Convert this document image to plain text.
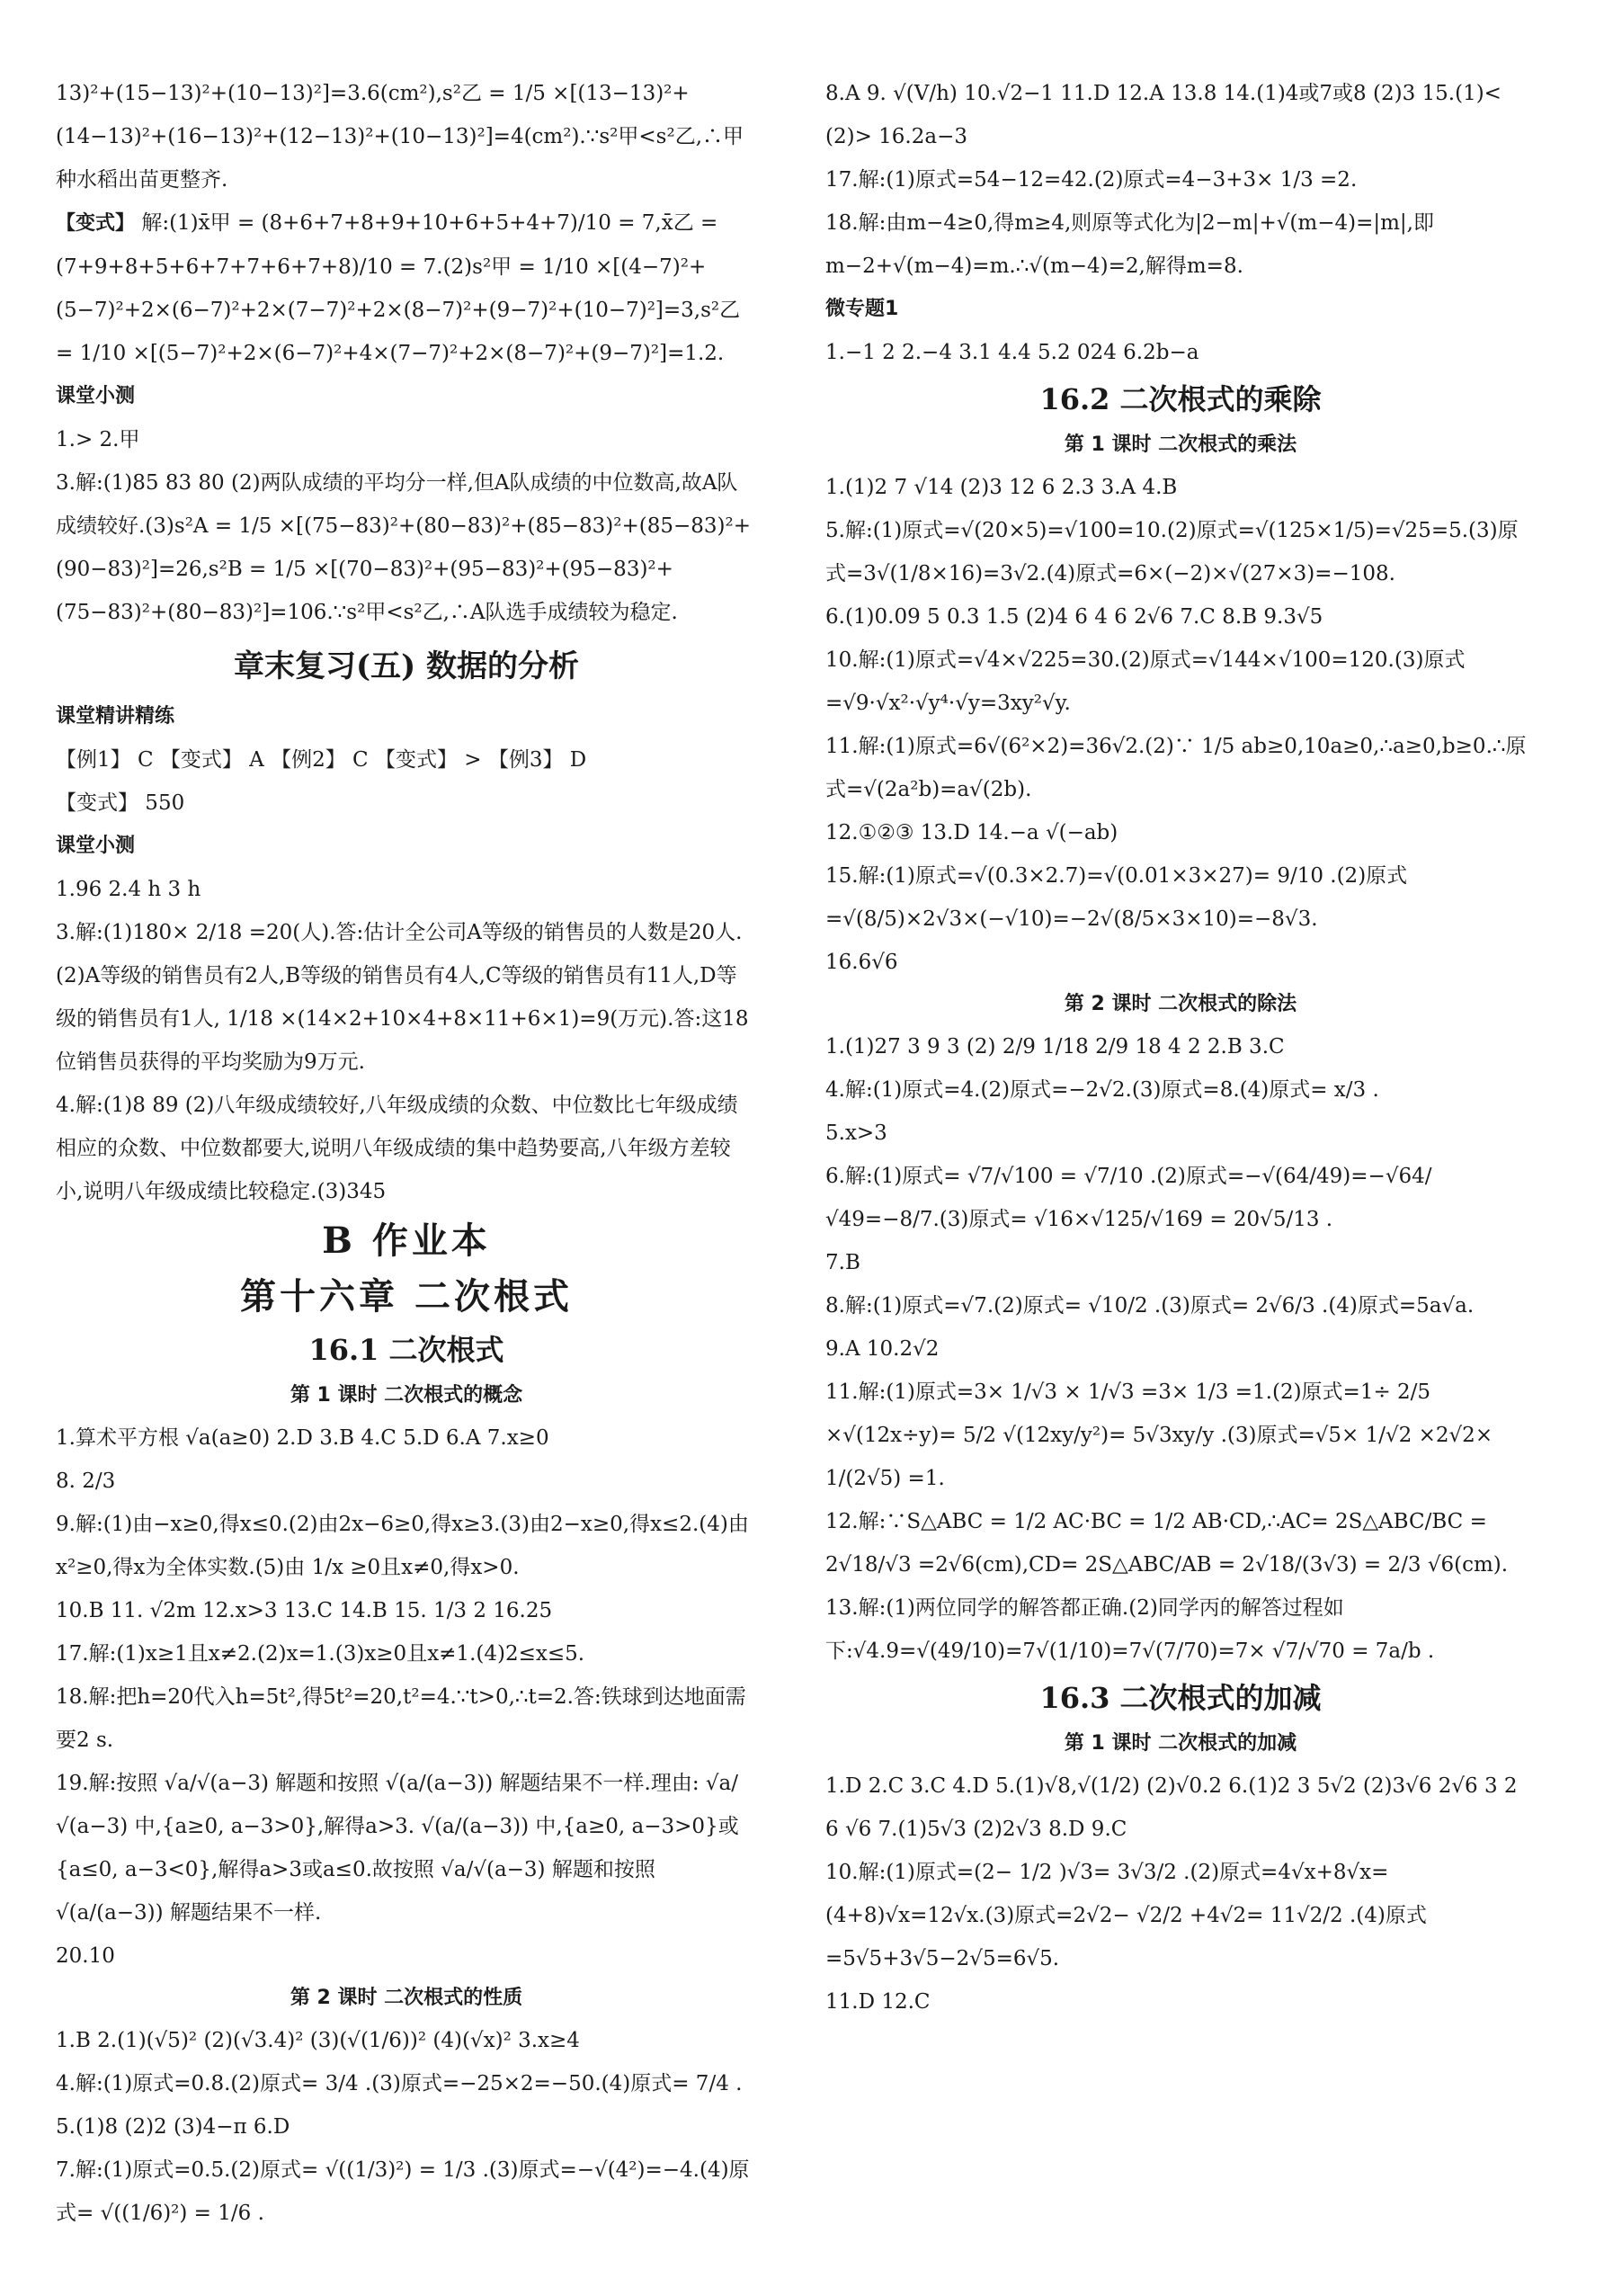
13)²+(15−13)²+(10−13)²]=3.6(cm²),s²乙 = 1/5 ×[(13−13)²+(14−13)²+(16−13)²+(12−13)²+(10−13)²]=4(cm²).∵s²甲<s²乙,∴甲种水稻出苗更整齐.

【变式】 解:(1)x̄甲 = (8+6+7+8+9+10+6+5+4+7)/10 = 7,x̄乙 = (7+9+8+5+6+7+7+6+7+8)/10 = 7.(2)s²甲 = 1/10 ×[(4−7)²+(5−7)²+2×(6−7)²+2×(7−7)²+2×(8−7)²+(9−7)²+(10−7)²]=3,s²乙 = 1/10 ×[(5−7)²+2×(6−7)²+4×(7−7)²+2×(8−7)²+(9−7)²]=1.2.

课堂小测

1.> 2.甲

3.解:(1)85 83 80 (2)两队成绩的平均分一样,但A队成绩的中位数高,故A队成绩较好.(3)s²A = 1/5 ×[(75−83)²+(80−83)²+(85−83)²+(85−83)²+(90−83)²]=26,s²B = 1/5 ×[(70−83)²+(95−83)²+(95−83)²+(75−83)²+(80−83)²]=106.∵s²甲<s²乙,∴A队选手成绩较为稳定.

章末复习(五) 数据的分析

课堂精讲精练

【例1】 C 【变式】 A 【例2】 C 【变式】 > 【例3】 D

【变式】 550

课堂小测

1.96 2.4 h 3 h

3.解:(1)180× 2/18 =20(人).答:估计全公司A等级的销售员的人数是20人.(2)A等级的销售员有2人,B等级的销售员有4人,C等级的销售员有11人,D等级的销售员有1人, 1/18 ×(14×2+10×4+8×11+6×1)=9(万元).答:这18位销售员获得的平均奖励为9万元.

4.解:(1)8 89 (2)八年级成绩较好,八年级成绩的众数、中位数比七年级成绩相应的众数、中位数都要大,说明八年级成绩的集中趋势要高,八年级方差较小,说明八年级成绩比较稳定.(3)345

B 作业本
第十六章 二次根式
16.1 二次根式
第 1 课时 二次根式的概念

1.算术平方根 √a(a≥0) 2.D 3.B 4.C 5.D 6.A 7.x≥0

8. 2/3

9.解:(1)由−x≥0,得x≤0.(2)由2x−6≥0,得x≥3.(3)由2−x≥0,得x≤2.(4)由x²≥0,得x为全体实数.(5)由 1/x ≥0且x≠0,得x>0.

10.B 11. √2m 12.x>3 13.C 14.B 15. 1/3 2 16.25

17.解:(1)x≥1且x≠2.(2)x=1.(3)x≥0且x≠1.(4)2≤x≤5.

18.解:把h=20代入h=5t²,得5t²=20,t²=4.∵t>0,∴t=2.答:铁球到达地面需要2 s.

19.解:按照 √a/√(a−3) 解题和按照 √(a/(a−3)) 解题结果不一样.理由: √a/√(a−3) 中,{a≥0, a−3>0},解得a>3. √(a/(a−3)) 中,{a≥0, a−3>0}或{a≤0, a−3<0},解得a>3或a≤0.故按照 √a/√(a−3) 解题和按照 √(a/(a−3)) 解题结果不一样.

20.10

第 2 课时 二次根式的性质

1.B 2.(1)(√5)² (2)(√3.4)² (3)(√(1/6))² (4)(√x)² 3.x≥4

4.解:(1)原式=0.8.(2)原式= 3/4 .(3)原式=−25×2=−50.(4)原式= 7/4 .

5.(1)8 (2)2 (3)4−π 6.D

7.解:(1)原式=0.5.(2)原式= √((1/3)²) = 1/3 .(3)原式=−√(4²)=−4.(4)原式= √((1/6)²) = 1/6 .

8.A 9. √(V/h) 10.√2−1 11.D 12.A 13.8 14.(1)4或7或8 (2)3 15.(1)< (2)> 16.2a−3

17.解:(1)原式=54−12=42.(2)原式=4−3+3× 1/3 =2.

18.解:由m−4≥0,得m≥4,则原等式化为|2−m|+√(m−4)=|m|,即m−2+√(m−4)=m.∴√(m−4)=2,解得m=8.

微专题1

1.−1 2 2.−4 3.1 4.4 5.2 024 6.2b−a

16.2 二次根式的乘除
第 1 课时 二次根式的乘法

1.(1)2 7 √14 (2)3 12 6 2.3 3.A 4.B

5.解:(1)原式=√(20×5)=√100=10.(2)原式=√(125×1/5)=√25=5.(3)原式=3√(1/8×16)=3√2.(4)原式=6×(−2)×√(27×3)=−108.

6.(1)0.09 5 0.3 1.5 (2)4 6 4 6 2√6 7.C 8.B 9.3√5

10.解:(1)原式=√4×√225=30.(2)原式=√144×√100=120.(3)原式=√9·√x²·√y⁴·√y=3xy²√y.

11.解:(1)原式=6√(6²×2)=36√2.(2)∵ 1/5 ab≥0,10a≥0,∴a≥0,b≥0.∴原式=√(2a²b)=a√(2b).

12.①②③ 13.D 14.−a √(−ab)

15.解:(1)原式=√(0.3×2.7)=√(0.01×3×27)= 9/10 .(2)原式=√(8/5)×2√3×(−√10)=−2√(8/5×3×10)=−8√3.

16.6√6

第 2 课时 二次根式的除法

1.(1)27 3 9 3 (2) 2/9 1/18 2/9 18 4 2 2.B 3.C

4.解:(1)原式=4.(2)原式=−2√2.(3)原式=8.(4)原式= x/3 .

5.x>3

6.解:(1)原式= √7/√100 = √7/10 .(2)原式=−√(64/49)=−√64/√49=−8/7.(3)原式= √16×√125/√169 = 20√5/13 .

7.B

8.解:(1)原式=√7.(2)原式= √10/2 .(3)原式= 2√6/3 .(4)原式=5a√a.

9.A 10.2√2

11.解:(1)原式=3× 1/√3 × 1/√3 =3× 1/3 =1.(2)原式=1÷ 2/5 ×√(12x÷y)= 5/2 √(12xy/y²)= 5√3xy/y .(3)原式=√5× 1/√2 ×2√2× 1/(2√5) =1.

12.解:∵S△ABC = 1/2 AC·BC = 1/2 AB·CD,∴AC= 2S△ABC/BC = 2√18/√3 =2√6(cm),CD= 2S△ABC/AB = 2√18/(3√3) = 2/3 √6(cm).

13.解:(1)两位同学的解答都正确.(2)同学丙的解答过程如下:√4.9=√(49/10)=7√(1/10)=7√(7/70)=7× √7/√70 = 7a/b .

16.3 二次根式的加减
第 1 课时 二次根式的加减

1.D 2.C 3.C 4.D 5.(1)√8,√(1/2) (2)√0.2 6.(1)2 3 5√2 (2)3√6 2√6 3 2 6 √6 7.(1)5√3 (2)2√3 8.D 9.C

10.解:(1)原式=(2− 1/2 )√3= 3√3/2 .(2)原式=4√x+8√x=(4+8)√x=12√x.(3)原式=2√2− √2/2 +4√2= 11√2/2 .(4)原式=5√5+3√5−2√5=6√5.

11.D 12.C
